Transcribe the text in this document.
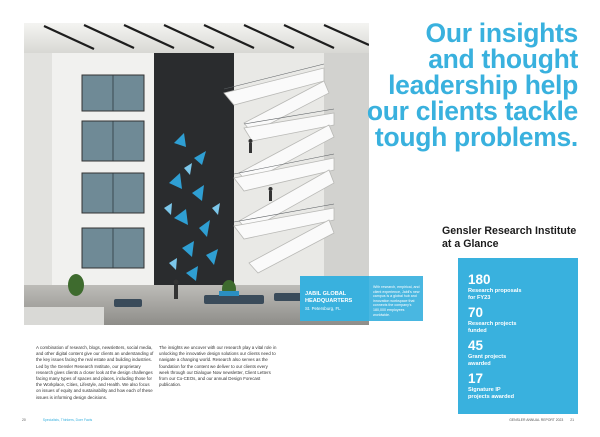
JABIL GLOBAL
HEADQUARTERS
St. Petersburg, FL
With research, empirical, and client experience, Jabil's new campus is a global hub and innovation workspace that connects the company's 180,000 employees worldwide.
A combination of research, blogs, newsletters, social media, and other digital content give our clients an understanding of the key issues facing the real estate and building industries. Led by the Gensler Research Institute, our proprietary research gives clients a closer look at the design challenges facing many types of spaces and places, including those for the Workplace, Cities, Lifestyle, and Health. We also focus on issues of equity and sustainability and how each of these issues is informing design decisions.
The insights we uncover with our research play a vital role in unlocking the innovative design solutions our clients need to navigate a changing world. Research also serves as the foundation for the content we deliver to our clients every week through our Dialogue Now newsletter, Client Letters from our Co-CEOs, and our annual Design Forecast publication.
Our insights
and thought
leadership help
our clients tackle
tough problems.
Gensler Research Institute at a Glance
180
Research proposals
for FY23
70
Research projects
funded
45
Grant projects
awarded
17
Signature IP
projects awarded
20	Specialists, Thinkers, Doer Facts	GENSLER ANNUAL REPORT 2023 21
